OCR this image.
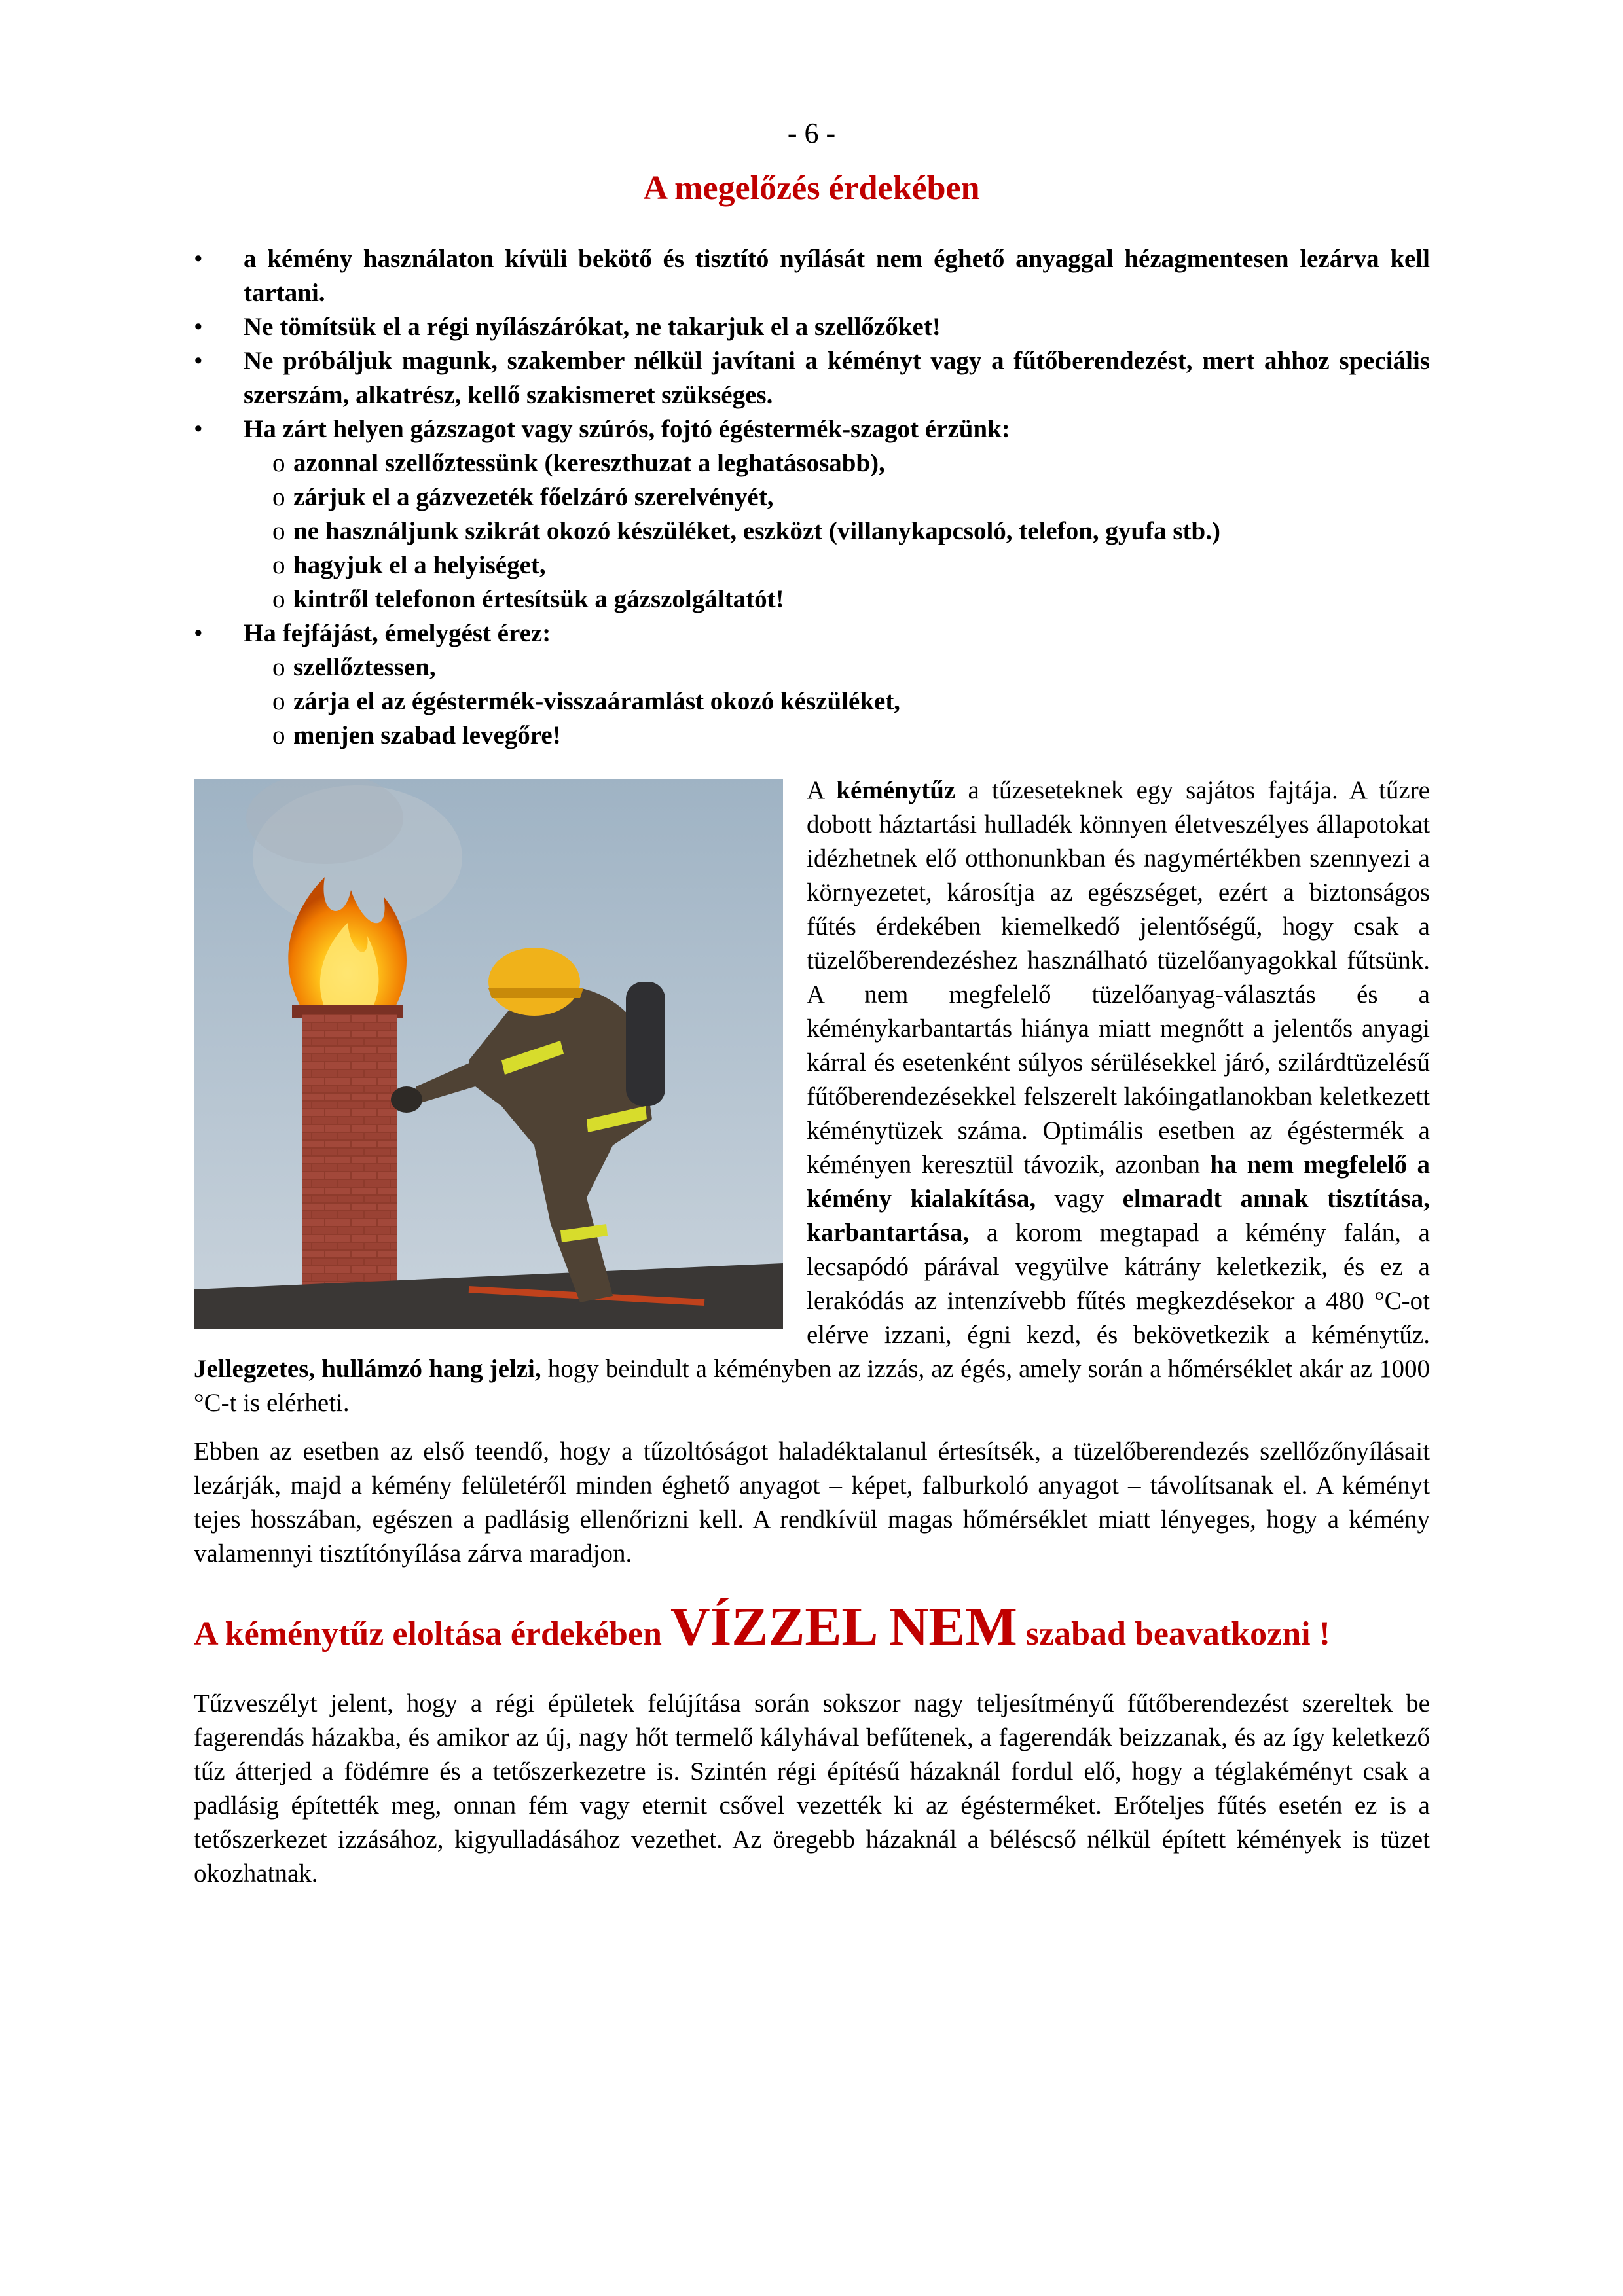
- 6 -
A megelőzés érdekében
• a kémény használaton kívüli bekötő és tisztító nyílását nem éghető anyaggal hézagmentesen lezárva kell tartani.
• Ne tömítsük el a régi nyílászárókat, ne takarjuk el a szellőzőket!
• Ne próbáljuk magunk, szakember nélkül javítani a kéményt vagy a fűtőberendezést, mert ahhoz speciális szerszám, alkatrész, kellő szakismeret szükséges.
• Ha zárt helyen gázszagot vagy szúrós, fojtó égéstermék-szagot érzünk:
o azonnal szellőztessünk (kereszthuzat a leghatásosabb),
o zárjuk el a gázvezeték főelzáró szerelvényét,
o ne használjunk szikrát okozó készüléket, eszközt (villanykapcsoló, telefon, gyufa stb.)
o hagyjuk el a helyiséget,
o kintről telefonon értesítsük a gázszolgáltatót!
• Ha fejfájást, émelygést érez:
o szellőztessen,
o zárja el az égéstermék-visszaáramlást okozó készüléket,
o menjen szabad levegőre!

A kéménytűz a tűzeseteknek egy sajátos fajtája. A tűzre dobott háztartási hulladék könnyen életveszélyes állapotokat idézhetnek elő otthonunkban és nagymértékben szennyezi a környezetet, károsítja az egészséget, ezért a biztonságos fűtés érdekében kiemelkedő jelentőségű, hogy csak a tüzelőberendezéshez használható tüzelőanyagokkal fűtsünk. A nem megfelelő tüzelőanyag-választás és a kéménykarbantartás hiánya miatt megnőtt a jelentős anyagi kárral és esetenként súlyos sérülésekkel járó, szilárdtüzelésű fűtőberendezésekkel felszerelt lakóingatlanokban keletkezett kéménytüzek száma. Optimális esetben az égéstermék a kéményen keresztül távozik, azonban ha nem megfelelő a kémény kialakítása, vagy elmaradt annak tisztítása, karbantartása, a korom megtapad a kémény falán, a lecsapódó párával vegyülve kátrány keletkezik, és ez a lerakódás az intenzívebb fűtés megkezdésekor a 480 °C-ot elérve izzani, égni kezd, és bekövetkezik a kéménytűz. Jellegzetes, hullámzó hang jelzi, hogy beindult a kéményben az izzás, az égés, amely során a hőmérséklet akár az 1000 °C-t is elérheti.

Ebben az esetben az első teendő, hogy a tűzoltóságot haladéktalanul értesítsék, a tüzelőberendezés szellőzőnyílásait lezárják, majd a kémény felületéről minden éghető anyagot – képet, falburkoló anyagot – távolítsanak el. A kéményt tejes hosszában, egészen a padlásig ellenőrizni kell. A rendkívül magas hőmérséklet miatt lényeges, hogy a kémény valamennyi tisztítónyílása zárva maradjon.

A kéménytűz eloltása érdekében VÍZZEL NEM szabad beavatkozni !

Tűzveszélyt jelent, hogy a régi épületek felújítása során sokszor nagy teljesítményű fűtőberendezést szereltek be fagerendás házakba, és amikor az új, nagy hőt termelő kályhával befűtenek, a fagerendák beizzanak, és az így keletkező tűz átterjed a födémre és a tetőszerkezetre is. Szintén régi építésű házaknál fordul elő, hogy a téglakéményt csak a padlásig építették meg, onnan fém vagy eternit csővel vezették ki az égésterméket. Erőteljes fűtés esetén ez is a tetőszerkezet izzásához, kigyulladásához vezethet. Az öregebb házaknál a béléscső nélkül épített kémények is tüzet okozhatnak.
